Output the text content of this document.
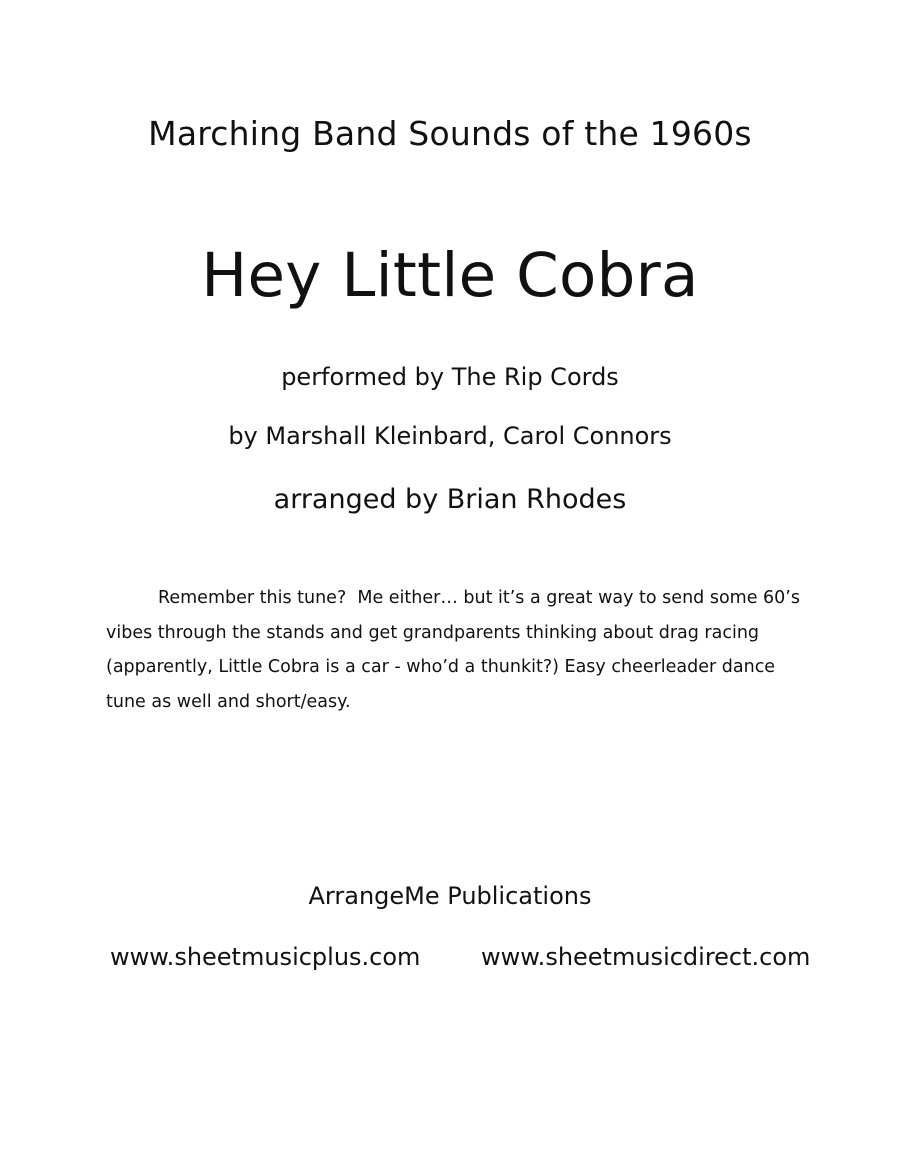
Marching Band Sounds of the 1960s
Hey Little Cobra
performed by The Rip Cords
by Marshall Kleinbard, Carol Connors
arranged by Brian Rhodes
Remember this tune?  Me either… but it’s a great way to send some 60’s vibes through the stands and get grandparents thinking about drag racing (apparently, Little Cobra is a car - who’d a thunkit?) Easy cheerleader dance tune as well and short/easy.
ArrangeMe Publications
www.sheetmusicplus.com	www.sheetmusicdirect.com
